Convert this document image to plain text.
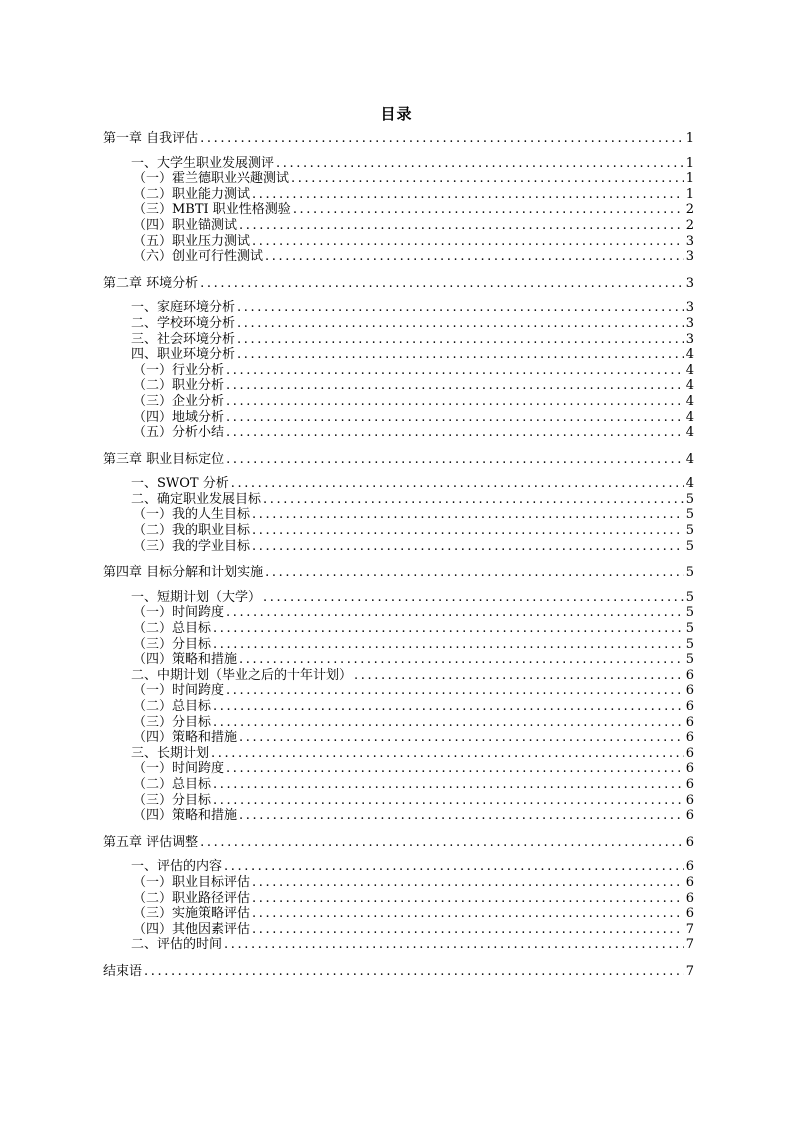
目录
第一章 自我评估 .....	1
一、大学生职业发展测评 .....	1
（一）霍兰德职业兴趣测试 .....	1
（二）职业能力测试 .....	1
（三）MBTI 职业性格测验 .....	2
（四）职业锚测试 .....	2
（五）职业压力测试 .....	3
（六）创业可行性测试 .....	3
第二章 环境分析 .....	3
一、家庭环境分析 .....	3
二、学校环境分析 .....	3
三、社会环境分析 .....	3
四、职业环境分析 .....	4
（一）行业分析 .....	4
（二）职业分析 .....	4
（三）企业分析 .....	4
（四）地域分析 .....	4
（五）分析小结 .....	4
第三章 职业目标定位 .....	4
一、SWOT 分析 .....	4
二、确定职业发展目标 .....	5
（一）我的人生目标 .....	5
（二）我的职业目标 .....	5
（三）我的学业目标 .....	5
第四章 目标分解和计划实施 .....	5
一、短期计划（大学） .....	5
（一）时间跨度 .....	5
（二）总目标 .....	5
（三）分目标 .....	5
（四）策略和措施 .....	5
二、中期计划（毕业之后的十年计划） .....	6
（一）时间跨度 .....	6
（二）总目标 .....	6
（三）分目标 .....	6
（四）策略和措施 .....	6
三、长期计划 .....	6
（一）时间跨度 .....	6
（二）总目标 .....	6
（三）分目标 .....	6
（四）策略和措施 .....	6
第五章 评估调整 .....	6
一、评估的内容 .....	6
（一）职业目标评估 .....	6
（二）职业路径评估 .....	6
（三）实施策略评估 .....	6
（四）其他因素评估 .....	7
二、评估的时间 .....	7
结束语 .....	7
